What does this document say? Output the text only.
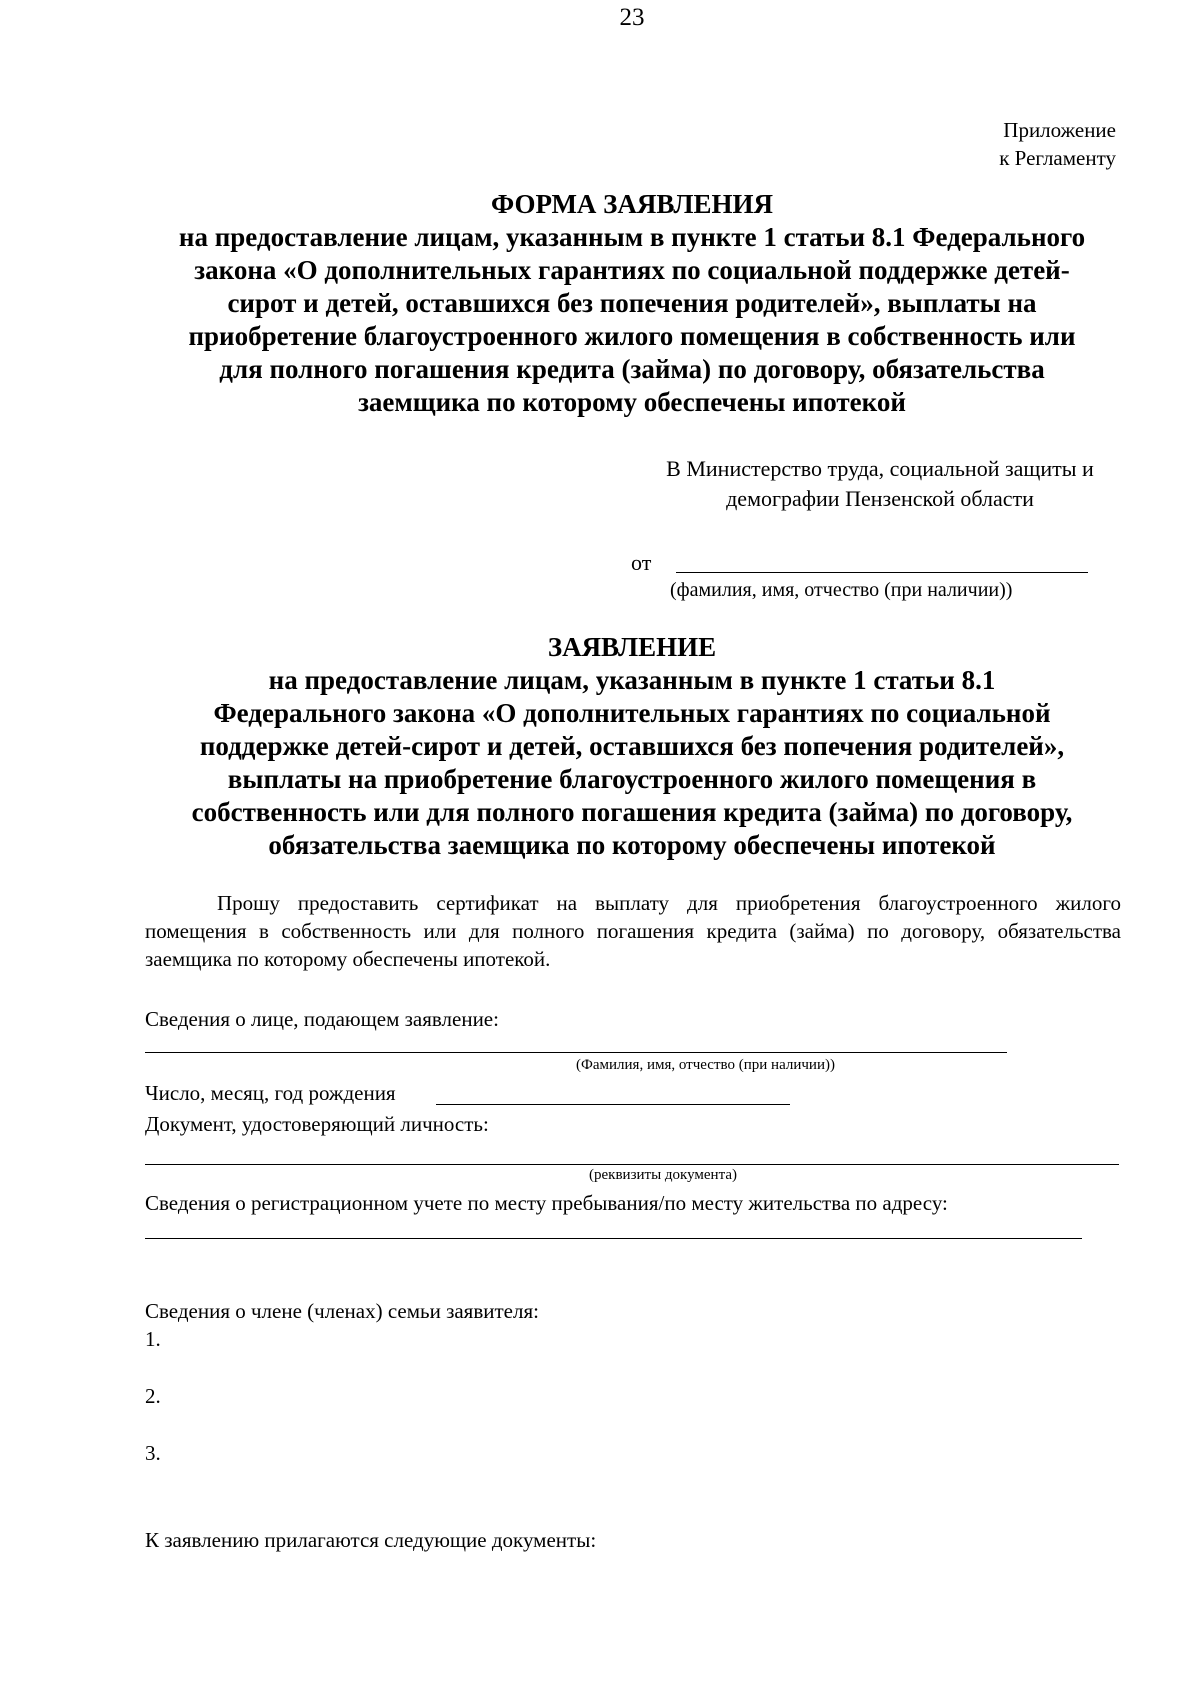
23
Приложение
к Регламенту
ФОРМА ЗАЯВЛЕНИЯ
на предоставление лицам, указанным в пункте 1 статьи 8.1 Федерального
закона «О дополнительных гарантиях по социальной поддержке детей-
сирот и детей, оставшихся без попечения родителей», выплаты на
приобретение благоустроенного жилого помещения в собственность или
для полного погашения кредита (займа) по договору, обязательства
заемщика по которому обеспечены ипотекой
В Министерство труда, социальной защиты и
демографии Пензенской области
от
(фамилия, имя, отчество (при наличии))
ЗАЯВЛЕНИЕ
на предоставление лицам, указанным в пункте 1 статьи 8.1
Федерального закона «О дополнительных гарантиях по социальной
поддержке детей-сирот и детей, оставшихся без попечения родителей»,
выплаты на приобретение благоустроенного жилого помещения в
собственность или для полного погашения кредита (займа) по договору,
обязательства заемщика по которому обеспечены ипотекой
Прошу предоставить сертификат на выплату для приобретения благоустроенного жилого помещения в собственность или для полного погашения кредита (займа) по договору, обязательства заемщика по которому обеспечены ипотекой.
Сведения о лице, подающем заявление:
(Фамилия, имя, отчество (при наличии))
Число, месяц, год рождения
Документ, удостоверяющий личность:
(реквизиты документа)
Сведения о регистрационном учете по месту пребывания/по месту жительства по адресу:
Сведения о члене (членах) семьи заявителя:
1.
2.
3.
К заявлению прилагаются следующие документы:
